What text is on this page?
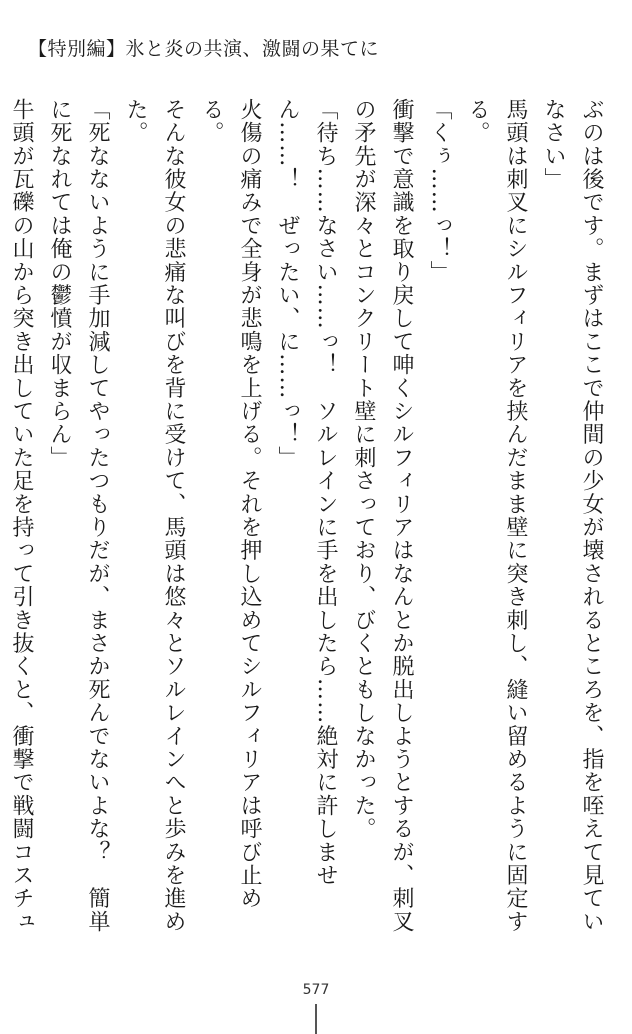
【特別編】氷と炎の共演、激闘の果てに

ぶのは後です。まずはここで仲間の少女が壊されるところを、指を咥えて見ていなさい」

馬頭は刺叉にシルフィリアを挟んだまま壁に突き刺し、縫い留めるように固定する。

「くぅ……っ！」

衝撃で意識を取り戻して呻くシルフィリアはなんとか脱出しようとするが、刺叉の矛先が深々とコンクリート壁に刺さっており、びくともしなかった。

「待ち……なさい……っ！　ソルレインに手を出したら……絶対に許しません……！　ぜったい、に……っ！」

火傷の痛みで全身が悲鳴を上げる。それを押し込めてシルフィリアは呼び止める。

そんな彼女の悲痛な叫びを背に受けて、馬頭は悠々とソルレインへと歩みを進めた。

「死なないように手加減してやったつもりだが、まさか死んでないよな？　簡単に死なれては俺の鬱憤が収まらん」

牛頭が瓦礫の山から突き出していた足を持って引き抜くと、衝撃で戦闘コスチュ

577
